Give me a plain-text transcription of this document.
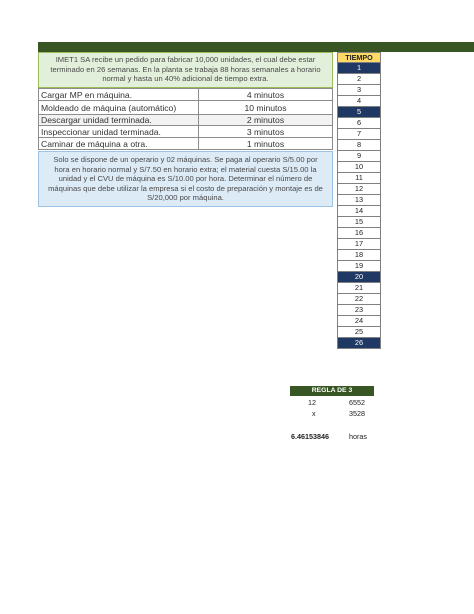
IMET1 SA recibe un pedido para fabricar 10,000 unidades, el cual debe estar terminado en 26 semanas. En la planta se trabaja 88 horas semanales a horario normal y hasta un 40% adicional de tiempo extra.
Cargar MP en máquina.	4 minutos
Moldeado de máquina (automático)	10 minutos
Descargar unidad terminada.	2 minutos
Inspeccionar unidad terminada.	3 minutos
Caminar de máquina a otra.	1 minutos
Solo se dispone de un operario y 02 máquinas. Se paga al operario S/5.00 por hora en horario normal y S/7.50 en horario extra; el material cuesta S/15.00 la unidad y el CVU de máquina es S/10.00 por hora. Determinar el número de máquinas que debe utilizar la empresa si el costo de preparación y montaje es de S/20,000 por máquina.
TIEMPO
1
2
3
4
5
6
7
8
9
10
11
12
13
14
15
16
17
18
19
20
21
22
23
24
25
26
REGLA DE 3
12	6552
x	3528
6.46153846	horas
